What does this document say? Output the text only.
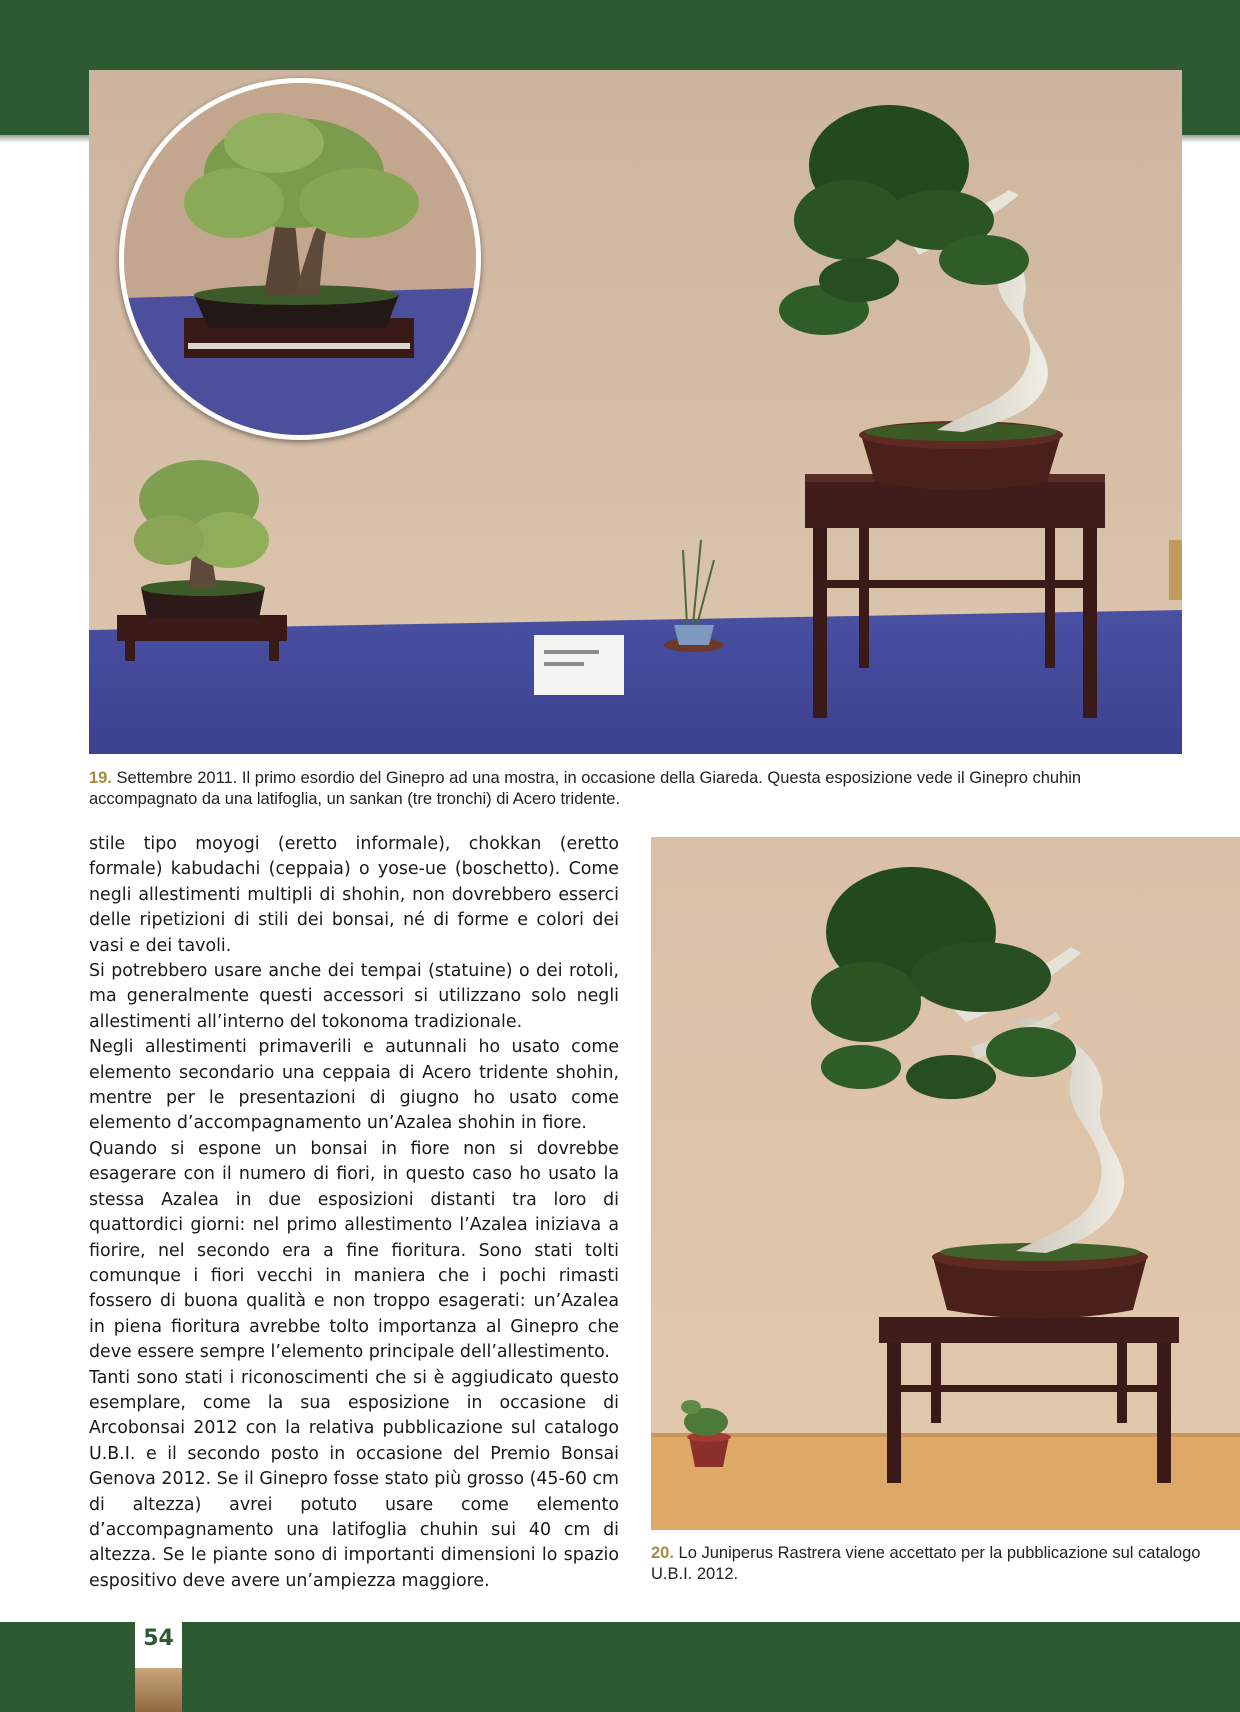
19. Settembre 2011. Il primo esordio del Ginepro ad una mostra, in occasione della Giareda. Questa esposizione vede il Ginepro chuhin accompagnato da una latifoglia, un sankan (tre tronchi) di Acero tridente.

stile tipo moyogi (eretto informale), chokkan (eretto formale) kabudachi (ceppaia) o yose-ue (boschetto). Come negli allestimenti multipli di shohin, non dovrebbero esserci delle ripetizioni di stili dei bonsai, né di forme e colori dei vasi e dei tavoli.

Si potrebbero usare anche dei tempai (statuine) o dei rotoli, ma generalmente questi accessori si utilizzano solo negli allestimenti all’interno del tokonoma tradizionale.

Negli allestimenti primaverili e autunnali ho usato come elemento secondario una ceppaia di Acero tridente shohin, mentre per le presentazioni di giugno ho usato come elemento d’accompagnamento un’Azalea shohin in fiore.

Quando si espone un bonsai in fiore non si dovrebbe esagerare con il numero di fiori, in questo caso ho usato la stessa Azalea in due esposizioni distanti tra loro di quattordici giorni: nel primo allestimento l’Azalea iniziava a fiorire, nel secondo era a fine fioritura. Sono stati tolti comunque i fiori vecchi in maniera che i pochi rimasti fossero di buona qualità e non troppo esagerati: un’Azalea in piena fioritura avrebbe tolto importanza al Ginepro che deve essere sempre l’elemento principale dell’allestimento.

Tanti sono stati i riconoscimenti che si è aggiudicato questo esemplare, come la sua esposizione in occasione di Arcobonsai 2012 con la relativa pubblicazione sul catalogo U.B.I. e il secondo posto in occasione del Premio Bonsai Genova 2012. Se il Ginepro fosse stato più grosso (45-60 cm di altezza) avrei potuto usare come elemento d’accompagnamento una latifoglia chuhin sui 40 cm di altezza. Se le piante sono di importanti dimensioni lo spazio espositivo deve avere un’ampiezza maggiore.

20. Lo Juniperus Rastrera viene accettato per la pubblicazione sul catalogo U.B.I. 2012.
54
